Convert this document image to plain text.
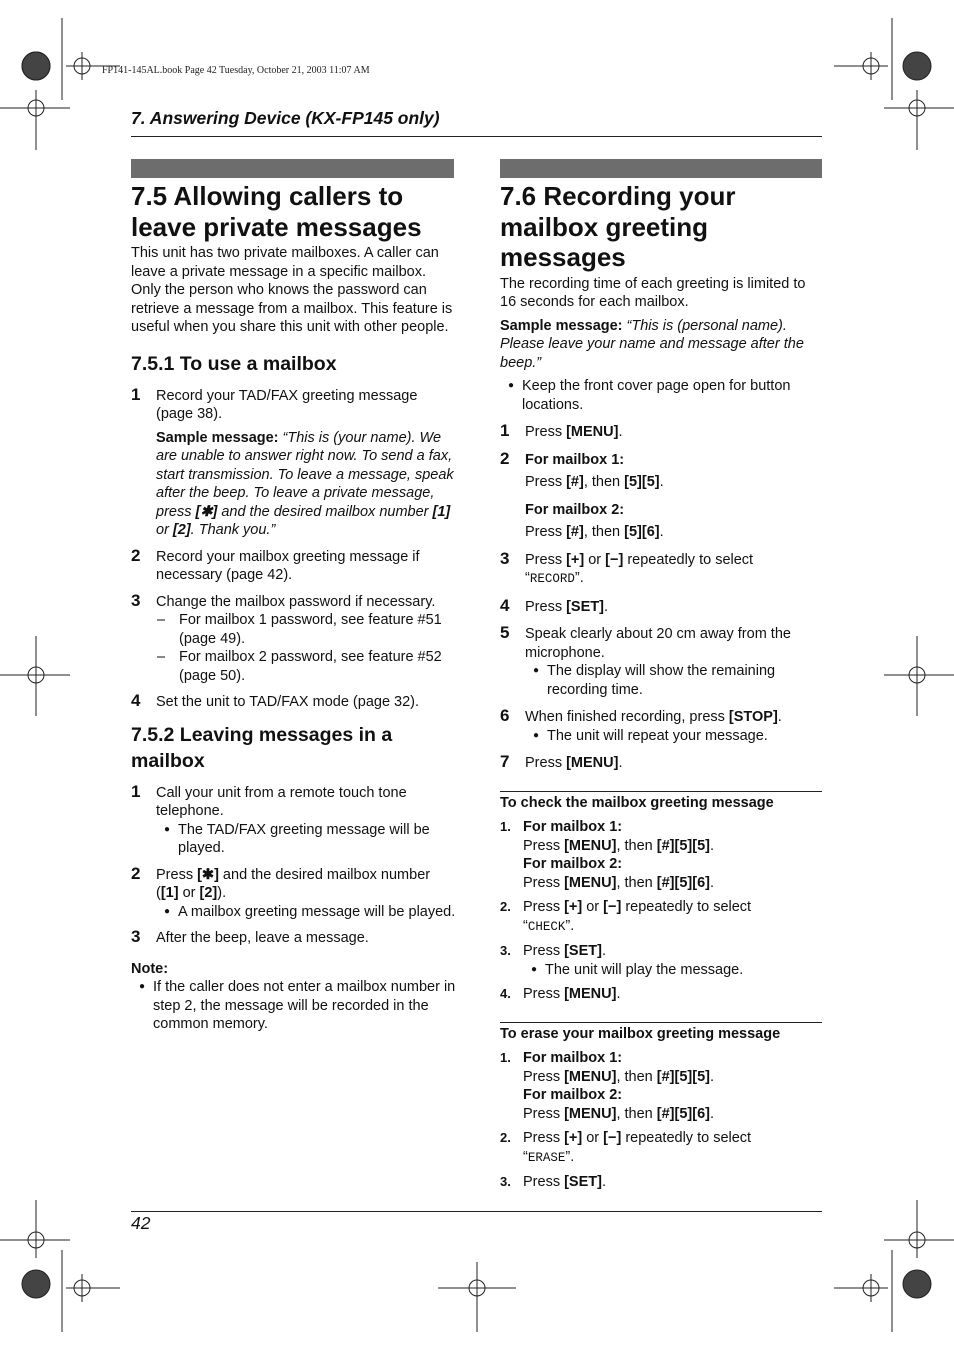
FP141-145AL.book Page 42 Tuesday, October 21, 2003 11:07 AM
7. Answering Device (KX-FP145 only)
7.5 Allowing callers to
leave private messages

This unit has two private mailboxes. A caller can leave a private message in a specific mailbox. Only the person who knows the password can retrieve a message from a mailbox. This feature is useful when you share this unit with other people.

7.5.1 To use a mailbox
1 Record your TAD/FAX greeting message (page 38).

Sample message: “This is (your name). We are unable to answer right now. To send a fax, start transmission. To leave a message, speak after the beep. To leave a private message, press [✱] and the desired mailbox number [1] or [2]. Thank you.”

2 Record your mailbox greeting message if necessary (page 42).

3 Change the mailbox password if necessary.

– For mailbox 1 password, see feature #51 (page 49).

– For mailbox 2 password, see feature #52 (page 50).

4 Set the unit to TAD/FAX mode (page 32).

7.5.2 Leaving messages in a mailbox
1 Call your unit from a remote touch tone telephone.

● The TAD/FAX greeting message will be played.

2 Press [✱] and the desired mailbox number ([1] or [2]).

● A mailbox greeting message will be played.

3 After the beep, leave a message.

Note:

● If the caller does not enter a mailbox number in step 2, the message will be recorded in the common memory.

7.6 Recording your
mailbox greeting
messages

The recording time of each greeting is limited to 16 seconds for each mailbox.

Sample message: “This is (personal name). Please leave your name and message after the beep.”

● Keep the front cover page open for button locations.

1 Press [MENU].

2 For mailbox 1:

Press [#], then [5][5].

For mailbox 2:

Press [#], then [5][6].

3 Press [+] or [−] repeatedly to select
“RECORD”.

4 Press [SET].

5 Speak clearly about 20 cm away from the microphone.

● The display will show the remaining recording time.

6 When finished recording, press [STOP].

● The unit will repeat your message.

7 Press [MENU].

To check the mailbox greeting message

1. For mailbox 1:

Press [MENU], then [#][5][5].

For mailbox 2:

Press [MENU], then [#][5][6].

2. Press [+] or [−] repeatedly to select
“CHECK”.

3. Press [SET].

● The unit will play the message.

4. Press [MENU].

To erase your mailbox greeting message

1. For mailbox 1:

Press [MENU], then [#][5][5].

For mailbox 2:

Press [MENU], then [#][5][6].

2. Press [+] or [−] repeatedly to select
“ERASE”.

3. Press [SET].

42
